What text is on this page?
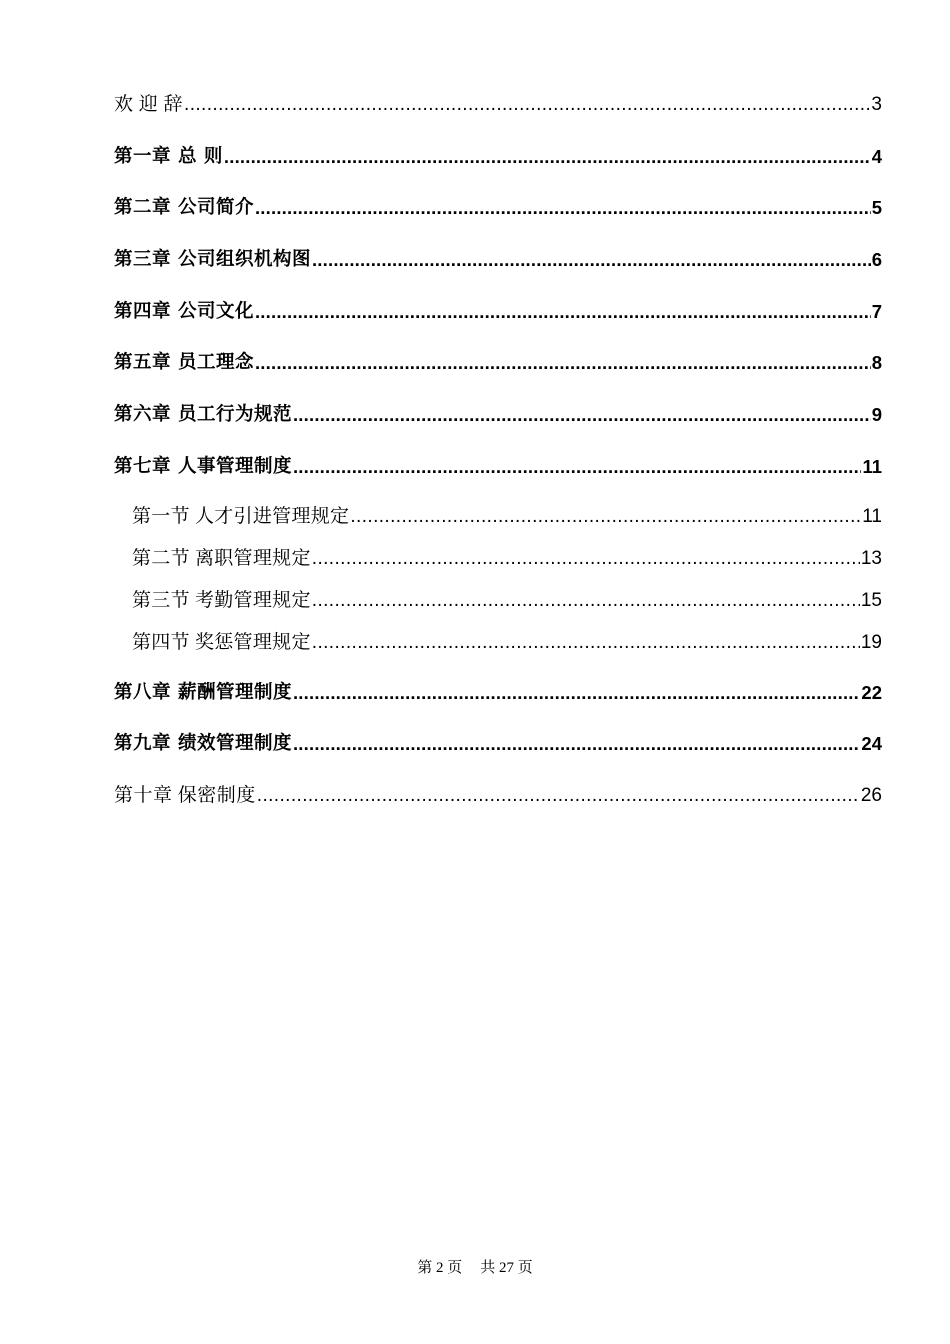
欢 迎 辞 .....	3
第一章 总 则 .....	4
第二章 公司简介 .....	5
第三章 公司组织机构图 .....	6
第四章 公司文化 .....	7
第五章 员工理念 .....	8
第六章 员工行为规范 .....	9
第七章 人事管理制度 .....	11
第一节 人才引进管理规定 .....	11
第二节 离职管理规定 .....	13
第三节 考勤管理规定 .....	15
第四节 奖惩管理规定 .....	19
第八章 薪酬管理制度 .....	22
第九章 绩效管理制度 .....	24
第十章 保密制度 .....	26
第 2 页 共 27 页
